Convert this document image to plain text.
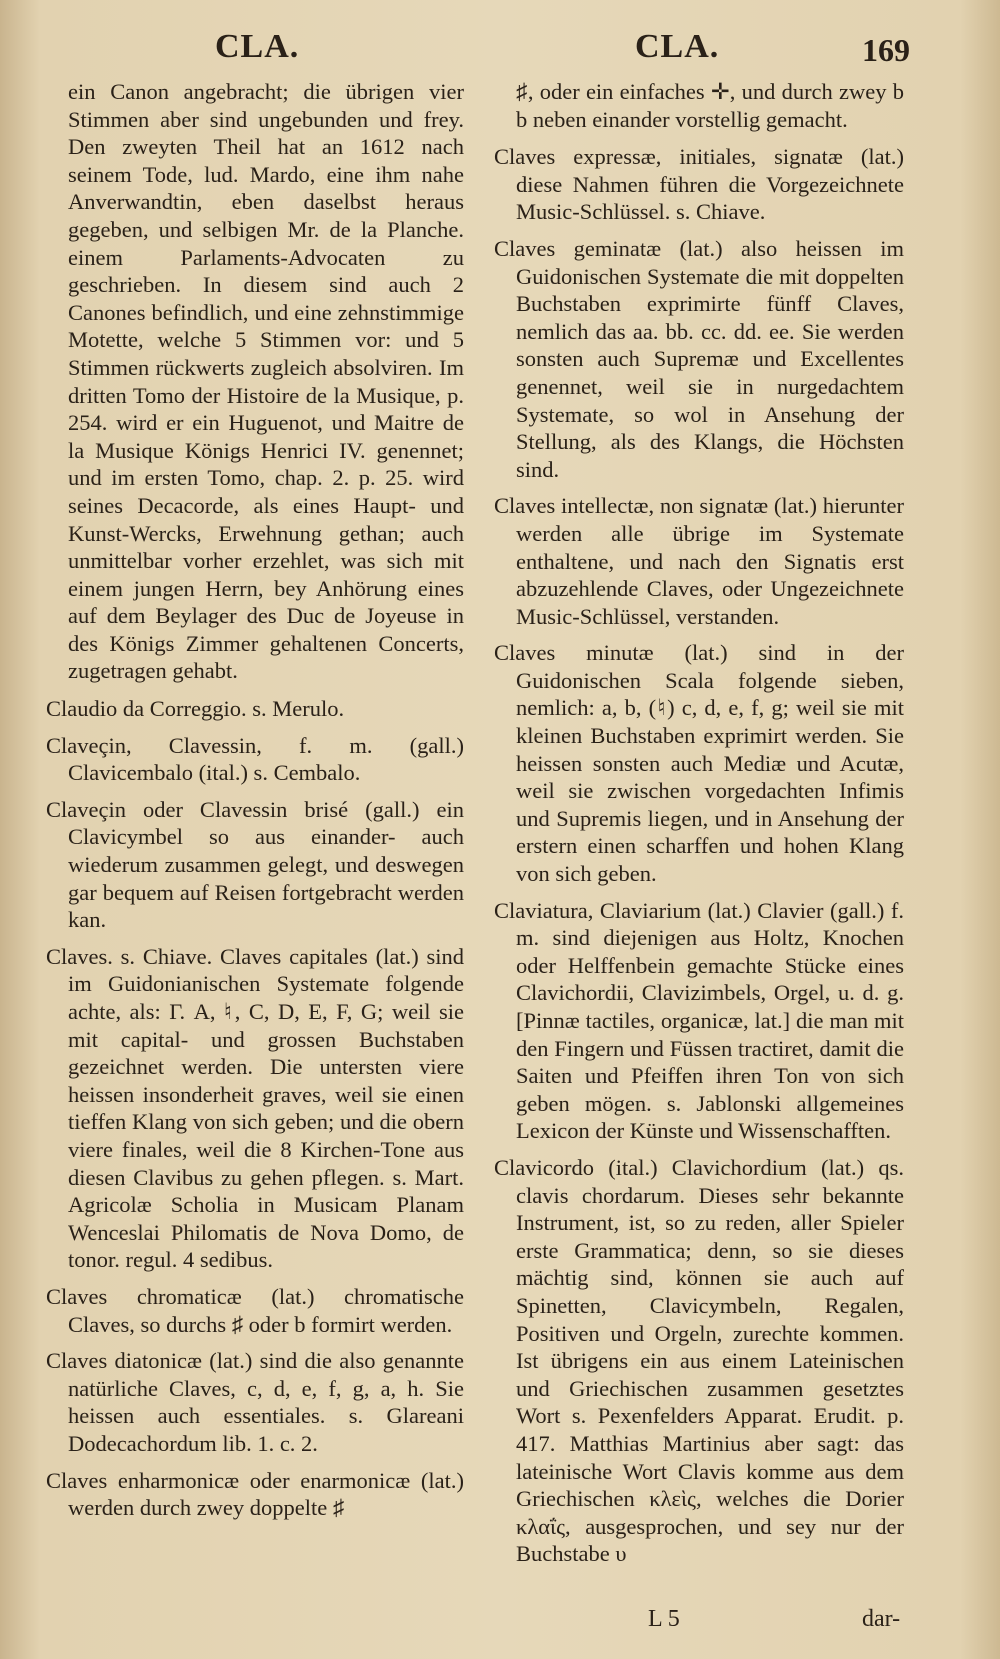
CLA.	CLA.	169

ein Canon angebracht; die übrigen vier Stimmen aber sind ungebunden und frey. Den zweyten Theil hat an 1612 nach seinem Tode, lud. Mardo, eine ihm nahe Anverwandtin, eben daselbst heraus gegeben, und selbigen Mr. de la Planche. einem Parlaments-Advocaten zu geschrieben. In diesem sind auch 2 Canones befindlich, und eine zehnstimmige Motette, welche 5 Stimmen vor: und 5 Stimmen rückwerts zugleich absolviren. Im dritten Tomo der Histoire de la Musique, p. 254. wird er ein Huguenot, und Maitre de la Musique Königs Henrici IV. genennet; und im ersten Tomo, chap. 2. p. 25. wird seines Decacorde, als eines Haupt- und Kunst-Wercks, Erwehnung gethan; auch unmittelbar vorher erzehlet, was sich mit einem jungen Herrn, bey Anhörung eines auf dem Beylager des Duc de Joyeuse in des Königs Zimmer gehaltenen Concerts, zugetragen gehabt.

Claudio da Correggio. s. Merulo.

Claveçin, Clavessin, f. m. (gall.) Clavicembalo (ital.) s. Cembalo.

Claveçin oder Clavessin brisé (gall.) ein Clavicymbel so aus einander- auch wiederum zusammen gelegt, und deswegen gar bequem auf Reisen fortgebracht werden kan.

Claves. s. Chiave. Claves capitales (lat.) sind im Guidonianischen Systemate folgende achte, als: Γ. A, ♮, C, D, E, F, G; weil sie mit capital- und grossen Buchstaben gezeichnet werden. Die untersten viere heissen insonderheit graves, weil sie einen tieffen Klang von sich geben; und die obern viere finales, weil die 8 Kirchen-Tone aus diesen Clavibus zu gehen pflegen. s. Mart. Agricolæ Scholia in Musicam Planam Wenceslai Philomatis de Nova Domo, de tonor. regul. 4 sedibus.

Claves chromaticæ (lat.) chromatische Claves, so durchs ♯ oder b formirt werden.

Claves diatonicæ (lat.) sind die also genannte natürliche Claves, c, d, e, f, g, a, h. Sie heissen auch essentiales. s. Glareani Dodecachordum lib. 1. c. 2.

Claves enharmonicæ oder enarmonicæ (lat.) werden durch zwey doppelte ♯

♯, oder ein einfaches ✛, und durch zwey b b neben einander vorstellig gemacht.

Claves expressæ, initiales, signatæ (lat.) diese Nahmen führen die Vorgezeichnete Music-Schlüssel. s. Chiave.

Claves geminatæ (lat.) also heissen im Guidonischen Systemate die mit doppelten Buchstaben exprimirte fünff Claves, nemlich das aa. bb. cc. dd. ee. Sie werden sonsten auch Supremæ und Excellentes genennet, weil sie in nurgedachtem Systemate, so wol in Ansehung der Stellung, als des Klangs, die Höchsten sind.

Claves intellectæ, non signatæ (lat.) hierunter werden alle übrige im Systemate enthaltene, und nach den Signatis erst abzuzehlende Claves, oder Ungezeichnete Music-Schlüssel, verstanden.

Claves minutæ (lat.) sind in der Guidonischen Scala folgende sieben, nemlich: a, b, (♮) c, d, e, f, g; weil sie mit kleinen Buchstaben exprimirt werden. Sie heissen sonsten auch Mediæ und Acutæ, weil sie zwischen vorgedachten Infimis und Supremis liegen, und in Ansehung der erstern einen scharffen und hohen Klang von sich geben.

Claviatura, Claviarium (lat.) Clavier (gall.) f. m. sind diejenigen aus Holtz, Knochen oder Helffenbein gemachte Stücke eines Clavichordii, Clavizimbels, Orgel, u. d. g. [Pinnæ tactiles, organicæ, lat.] die man mit den Fingern und Füssen tractiret, damit die Saiten und Pfeiffen ihren Ton von sich geben mögen. s. Jablonski allgemeines Lexicon der Künste und Wissenschafften.

Clavicordo (ital.) Clavichordium (lat.) qs. clavis chordarum. Dieses sehr bekannte Instrument, ist, so zu reden, aller Spieler erste Grammatica; denn, so sie dieses mächtig sind, können sie auch auf Spinetten, Clavicymbeln, Regalen, Positiven und Orgeln, zurechte kommen. Ist übrigens ein aus einem Lateinischen und Griechischen zusammen gesetztes Wort s. Pexenfelders Apparat. Erudit. p. 417. Matthias Martinius aber sagt: das lateinische Wort Clavis komme aus dem Griechischen κλεὶς, welches die Dorier κλαΐς, ausgesprochen, und sey nur der Buchstabe υ

L 5	dar-
